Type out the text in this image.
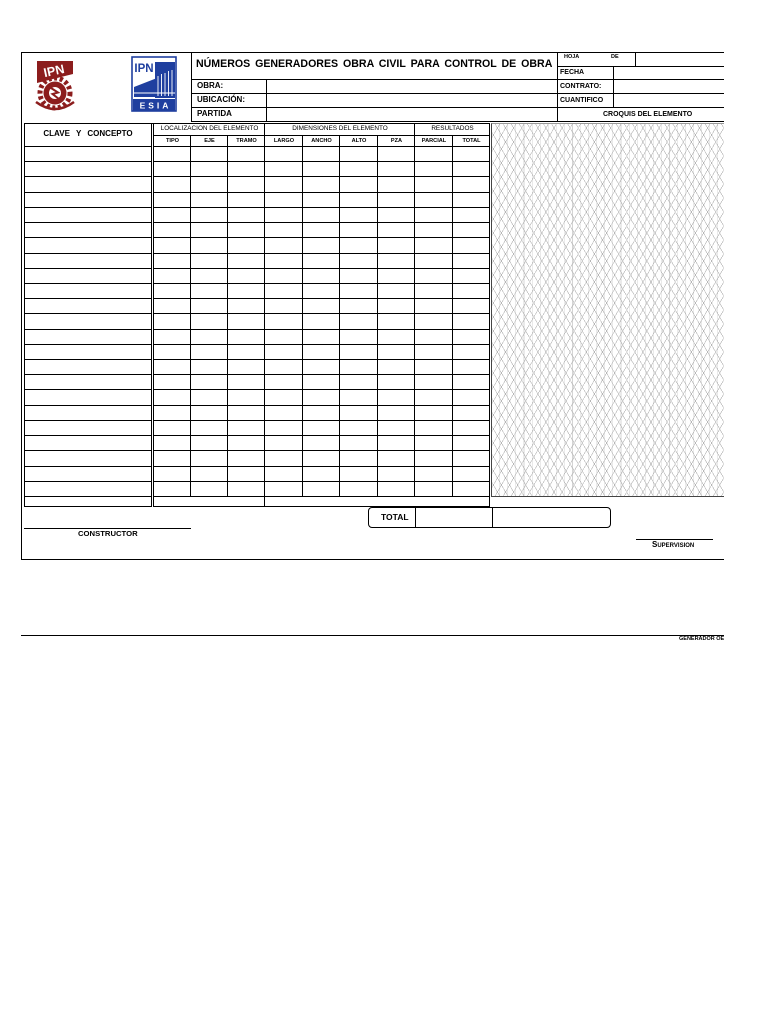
IPN	IPN
ESIA
NÚMEROS GENERADORES OBRA CIVIL PARA CONTROL DE OBRA
OBRA:
UBICACIÓN:
PARTIDA
HOJA	DE
FECHA
CONTRATO:
CUANTIFICO
CROQUIS DEL ELEMENTO
CLAVE Y CONCEPTO
LOCALIZACION DEL ELEMENTO	DIMENSIONES DEL ELEMENTO	RESULTADOS
TIPO	EJE	TRAMO	LARGO	ANCHO	ALTO	PZA	PARCIAL	TOTAL
TOTAL
CONSTRUCTOR
Supervision
GENERADOR OE
